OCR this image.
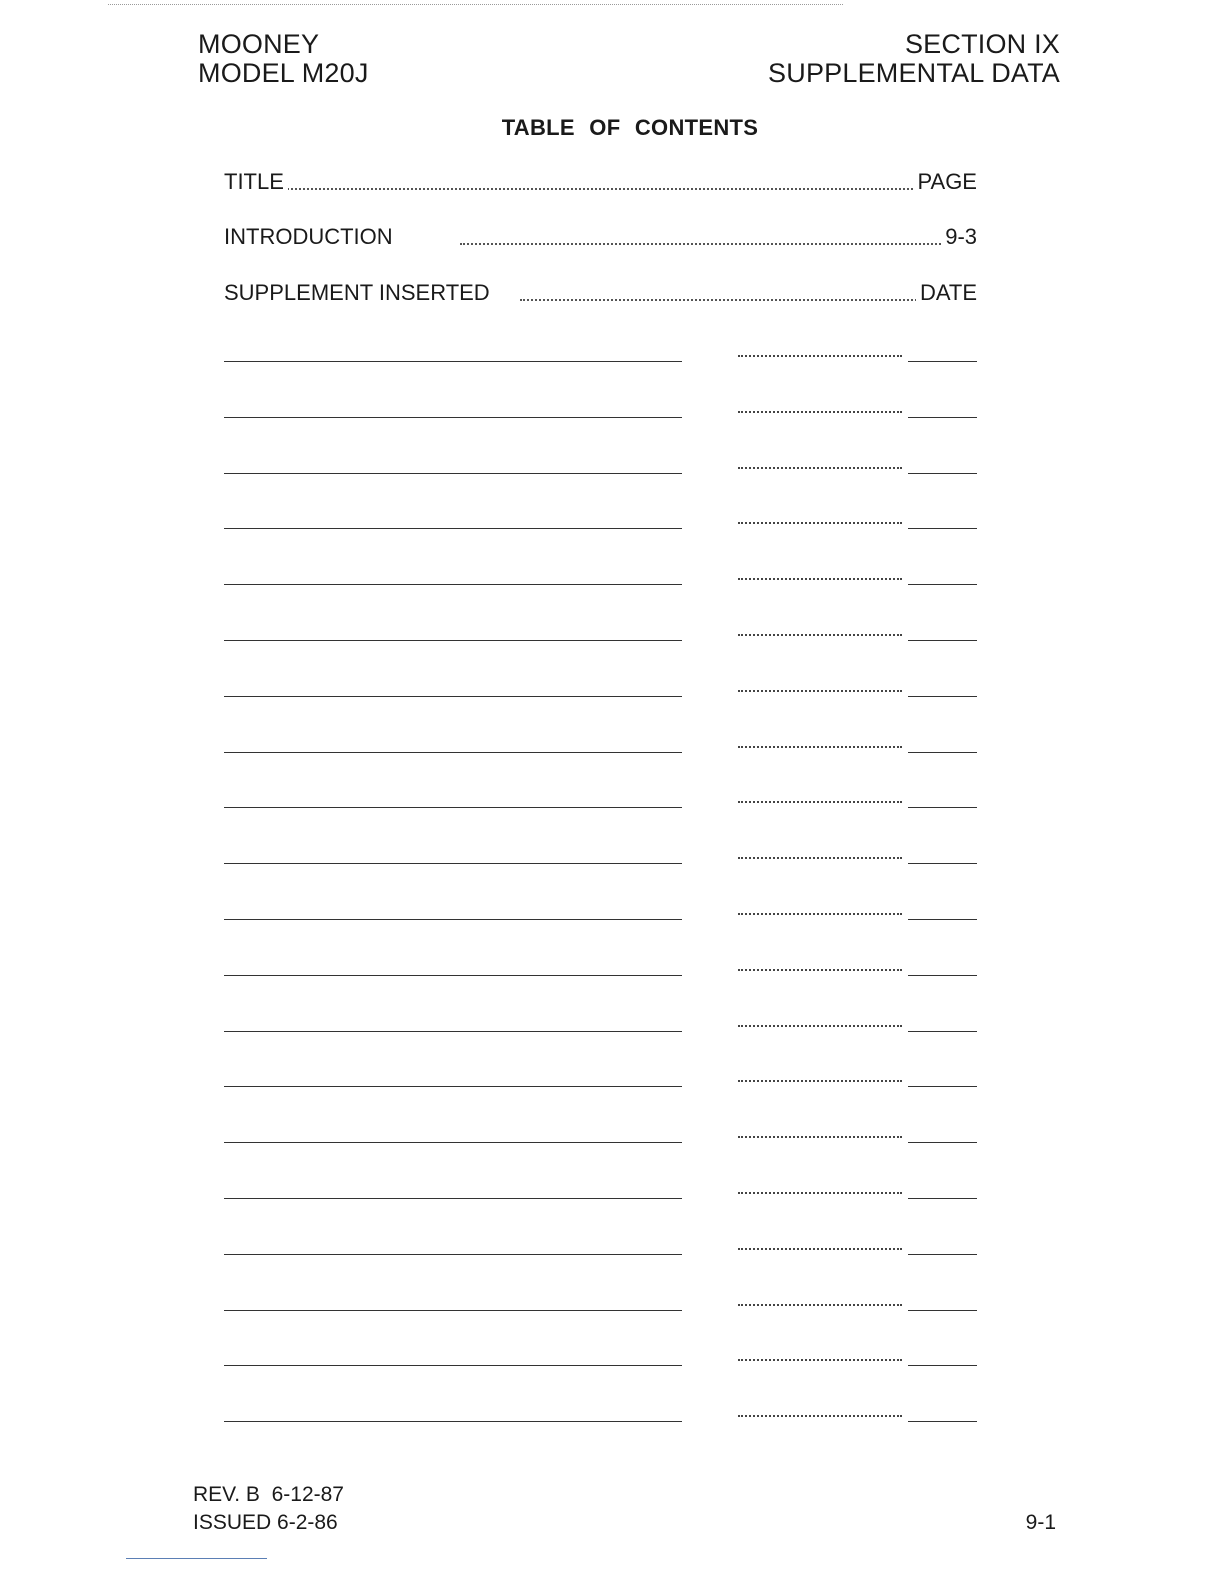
MOONEY
MODEL M20J
SECTION IX
SUPPLEMENTAL DATA
TABLE OF CONTENTS
TITLE	PAGE
INTRODUCTION	9-3
SUPPLEMENT INSERTED	DATE
REV. B  6-12-87
ISSUED 6-2-86	9-1
